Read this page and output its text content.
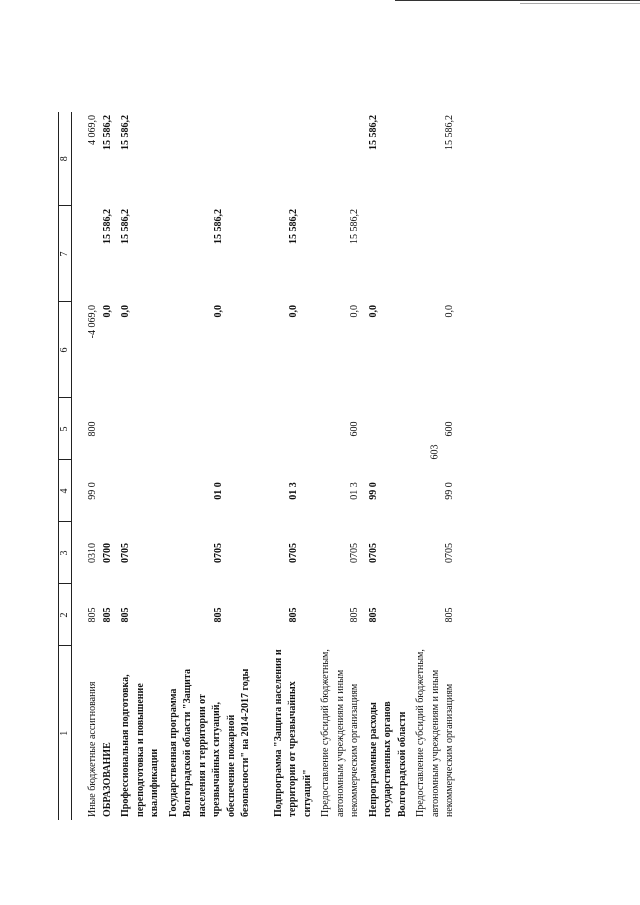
603
1	2	3	4	5	6	7	8

Иные бюджетные ассигнования	805	0310	99 0	800	-4 069,0		4 069,0
ОБРАЗОВАНИЕ	805	0700			0,0	15 586,2	15 586,2
Профессиональная подготовка, переподготовка и повышение квалификации	805	0705			0,0	15 586,2	15 586,2
Государственная программа Волгоградской области "Защита населения и территории от чрезвычайных ситуаций, обеспечение пожарной безопасности" на 2014-2017 годы	805	0705	01 0		0,0	15 586,2	
Подпрограмма "Защита населения и территории от чрезвычайных ситуаций"	805	0705	01 3		0,0	15 586,2	
Предоставление субсидий бюджетным, автономным учреждениям и иным некоммерческим организациям	805	0705	01 3	600	0,0	15 586,2	
Непрограммные расходы государственных органов Волгоградской области	805	0705	99 0		0,0		15 586,2
Предоставление субсидий бюджетным, автономным учреждениям и иным некоммерческим организациям	805	0705	99 0	600	0,0		15 586,2
